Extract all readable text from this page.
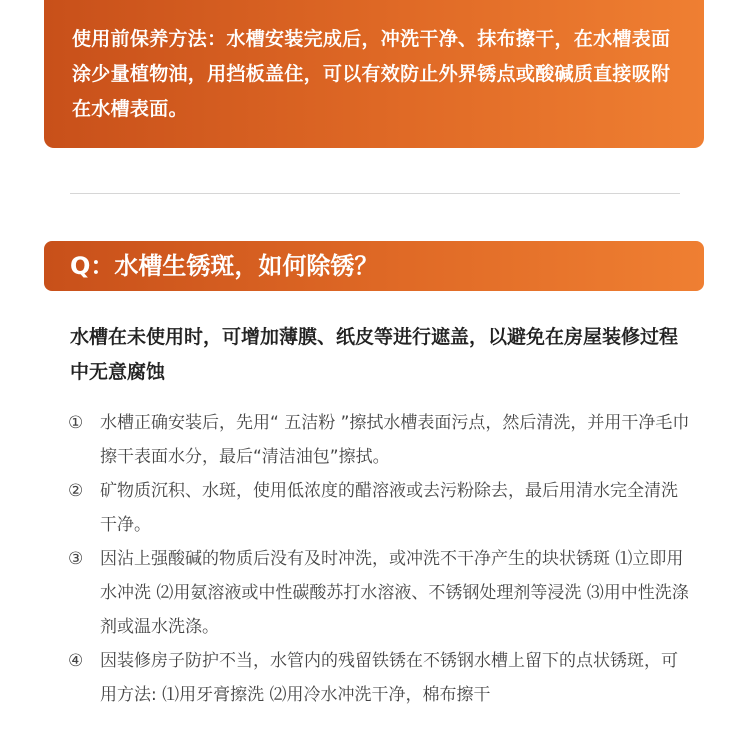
使用前保养方法：水槽安装完成后，冲洗干净、抹布擦干，在水槽表面涂少量植物油，用挡板盖住，可以有效防止外界锈点或酸碱质直接吸附在水槽表面。
Q：水槽生锈斑，如何除锈？
水槽在未使用时，可增加薄膜、纸皮等进行遮盖，以避免在房屋装修过程中无意腐蚀
① 水槽正确安装后，先用“ 五洁粉 ”擦拭水槽表面污点，然后清洗，并用干净毛巾擦干表面水分，最后“清洁油包”擦拭。
② 矿物质沉积、水斑，使用低浓度的醋溶液或去污粉除去，最后用清水完全清洗干净。
③ 因沾上强酸碱的物质后没有及时冲洗，或冲洗不干净产生的块状锈斑 ⑴立即用水冲洗 ⑵用氨溶液或中性碳酸苏打水溶液、不锈钢处理剂等浸洗 ⑶用中性洗涤剂或温水洗涤。
④ 因装修房子防护不当，水管内的残留铁锈在不锈钢水槽上留下的点状锈斑，可用方法: ⑴用牙膏擦洗 ⑵用冷水冲洗干净，棉布擦干
